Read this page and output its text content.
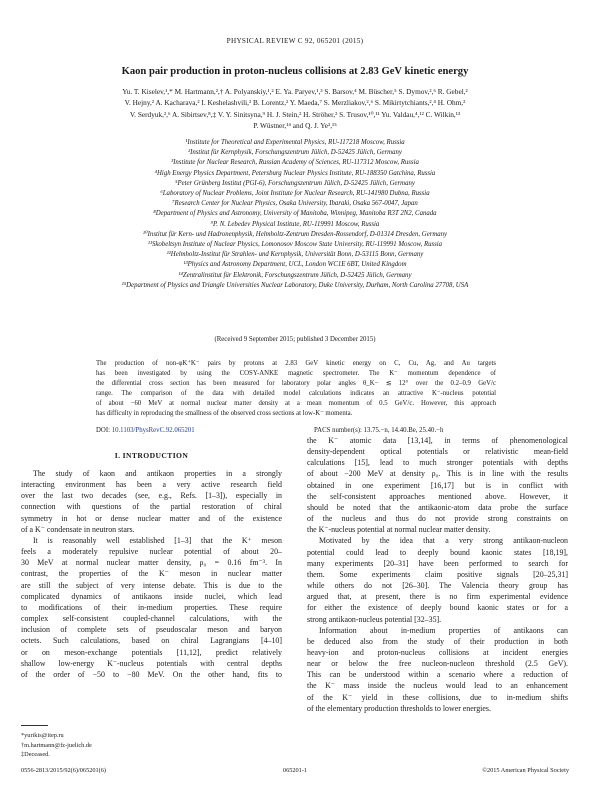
PHYSICAL REVIEW C 92, 065201 (2015)
Kaon pair production in proton-nucleus collisions at 2.83 GeV kinetic energy
Yu. T. Kiselev,¹,* M. Hartmann,²,† A. Polyanskiy,¹,² E. Ya. Paryev,¹,³ S. Barsov,⁴ M. Büscher,⁵ S. Dymov,²,⁶ R. Gebel,²
V. Hejny,² A. Kacharava,² I. Keshelashvili,² B. Lorentz,² Y. Maeda,⁷ S. Merzliakov,²,⁶ S. Mikirtytchiants,²,⁴ H. Ohm,²
V. Serdyuk,²,⁶ A. Sibirtsev,⁸,‡ V. Y. Sinitsyna,⁹ H. J. Stein,² H. Ströher,² S. Trusov,¹⁰,¹¹ Yu. Valdau,⁴,¹² C. Wilkin,¹³
P. Wüstner,¹⁴ and Q. J. Ye²,¹⁵
¹Institute for Theoretical and Experimental Physics, RU-117218 Moscow, Russia
²Institut für Kernphysik, Forschungszentrum Jülich, D-52425 Jülich, Germany
³Institute for Nuclear Research, Russian Academy of Sciences, RU-117312 Moscow, Russia
⁴High Energy Physics Department, Petersburg Nuclear Physics Institute, RU-188350 Gatchina, Russia
⁵Peter Grünberg Institut (PGI-6), Forschungszentrum Jülich, D-52425 Jülich, Germany
⁶Laboratory of Nuclear Problems, Joint Institute for Nuclear Research, RU-141980 Dubna, Russia
⁷Research Center for Nuclear Physics, Osaka University, Ibaraki, Osaka 567-0047, Japan
⁸Department of Physics and Astronomy, University of Manitoba, Winnipeg, Manitoba R3T 2N2, Canada
⁹P. N. Lebedev Physical Institute, RU-119991 Moscow, Russia
¹⁰Institut für Kern- und Hadronenphysik, Helmholtz-Zentrum Dresden-Rossendorf, D-01314 Dresden, Germany
¹¹Skobeltsyn Institute of Nuclear Physics, Lomonosov Moscow State University, RU-119991 Moscow, Russia
¹²Helmholtz-Institut für Strahlen- und Kernphysik, Universität Bonn, D-53115 Bonn, Germany
¹³Physics and Astronomy Department, UCL, London WC1E 6BT, United Kingdom
¹⁴Zentralinstitut für Elektronik, Forschungszentrum Jülich, D-52425 Jülich, Germany
¹⁵Department of Physics and Triangle Universities Nuclear Laboratory, Duke University, Durham, North Carolina 27708, USA
(Received 9 September 2015; published 3 December 2015)
The production of non-φK⁺K⁻ pairs by protons at 2.83 GeV kinetic energy on C, Cu, Ag, and Au targets
has been investigated by using the COSY-ANKE magnetic spectrometer. The K⁻ momentum dependence of
the differential cross section has been measured for laboratory polar angles θ_K− ≲ 12° over the 0.2–0.9 GeV/c
range. The comparison of the data with detailed model calculations indicates an attractive K⁻-nucleus potential
of about −60 MeV at normal nuclear matter density at a mean momentum of 0.5 GeV/c. However, this approach
has difficulty in reproducing the smallness of the observed cross sections at low-K⁻ momenta.
DOI: 10.1103/PhysRevC.92.065201	PACS number(s): 13.75.−n, 14.40.Be, 25.40.−h
I. INTRODUCTION
The study of kaon and antikaon properties in a strongly
interacting environment has been a very active research field
over the last two decades (see, e.g., Refs. [1–3]), especially in
connection with questions of the partial restoration of chiral
symmetry in hot or dense nuclear matter and of the existence
of a K⁻ condensate in neutron stars.
It is reasonably well established [1–3] that the K⁺ meson
feels a moderately repulsive nuclear potential of about 20–
30 MeV at normal nuclear matter density, ρ₀ = 0.16 fm⁻³. In
contrast, the properties of the K⁻ meson in nuclear matter
are still the subject of very intense debate. This is due to the
complicated dynamics of antikaons inside nuclei, which lead
to modifications of their in-medium properties. These require
complex self-consistent coupled-channel calculations, with the
inclusion of complete sets of pseudoscalar meson and baryon
octets. Such calculations, based on chiral Lagrangians [4–10]
or on meson-exchange potentials [11,12], predict relatively
shallow low-energy K⁻-nucleus potentials with central depths
of the order of −50 to −80 MeV. On the other hand, fits to
the K⁻ atomic data [13,14], in terms of phenomenological
density-dependent optical potentials or relativistic mean-field
calculations [15], lead to much stronger potentials with depths
of about −200 MeV at density ρ₀. This is in line with the results
obtained in one experiment [16,17] but is in conflict with
the self-consistent approaches mentioned above. However, it
should be noted that the antikaonic-atom data probe the surface
of the nucleus and thus do not provide strong constraints on
the K⁻-nucleus potential at normal nuclear matter density.
Motivated by the idea that a very strong antikaon-nucleon
potential could lead to deeply bound kaonic states [18,19],
many experiments [20–31] have been performed to search for
them. Some experiments claim positive signals [20–25,31]
while others do not [26–30]. The Valencia theory group has
argued that, at present, there is no firm experimental evidence
for either the existence of deeply bound kaonic states or for a
strong antikaon-nucleus potential [32–35].
Information about in-medium properties of antikaons can
be deduced also from the study of their production in both
heavy-ion and proton-nucleus collisions at incident energies
near or below the free nucleon-nucleon threshold (2.5 GeV).
This can be understood within a scenario where a reduction of
the K⁻ mass inside the nucleus would lead to an enhancement
of the K⁻ yield in these collisions, due to in-medium shifts
of the elementary production thresholds to lower energies.
*yurikis@itep.ru
†m.hartmann@fz-juelich.de
‡Deceased.
0556-2813/2015/92(6)/065201(6)	065201-1	©2015 American Physical Society
